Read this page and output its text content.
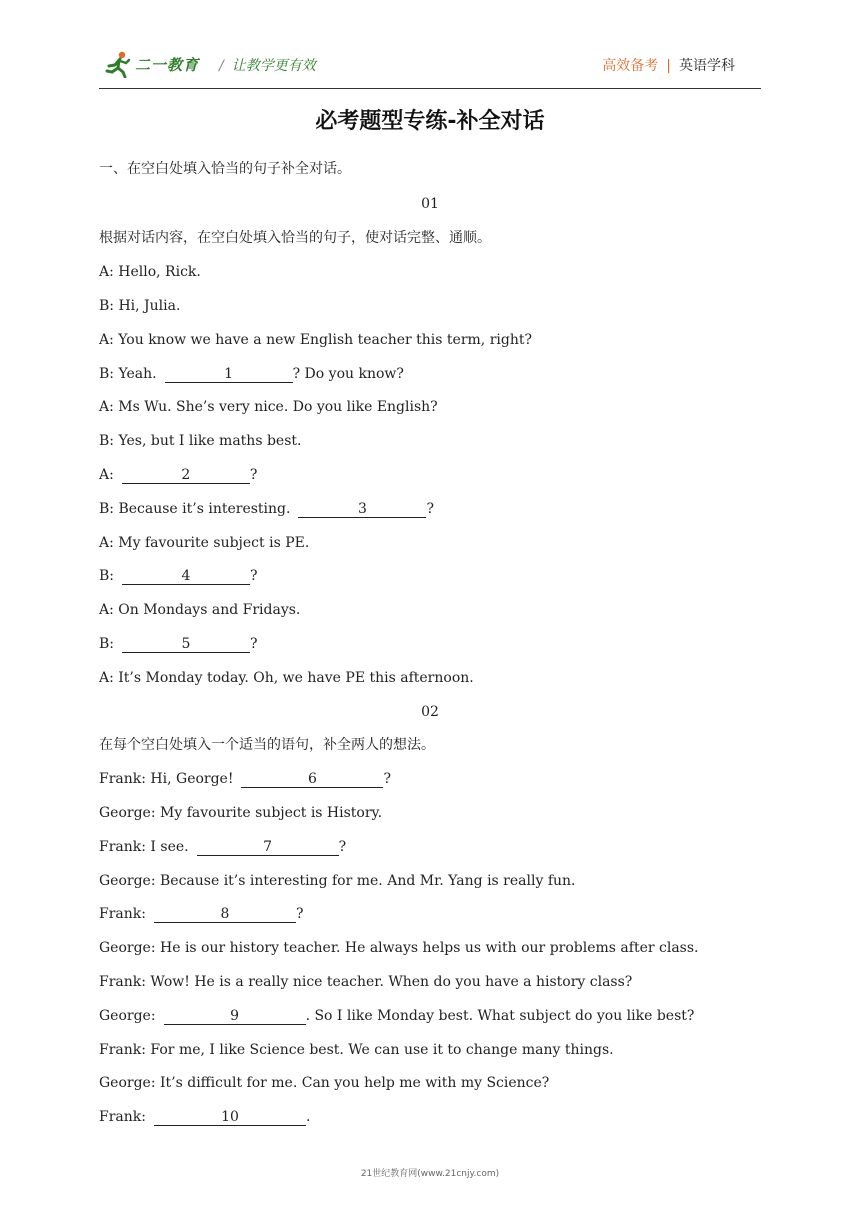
二一教育 / 让教学更有效	高效备考 | 英语学科
必考题型专练-补全对话
一、在空白处填入恰当的句子补全对话。
01
根据对话内容，在空白处填入恰当的句子，使对话完整、通顺。
A: Hello, Rick.
B: Hi, Julia.
A: You know we have a new English teacher this term, right?
B: Yeah.	1	? Do you know?
A: Ms Wu. She’s very nice. Do you like English?
B: Yes, but I like maths best.
A:	2	?
B: Because it’s interesting.	3	?
A: My favourite subject is PE.
B:	4	?
A: On Mondays and Fridays.
B:	5	?
A: It’s Monday today. Oh, we have PE this afternoon.
02
在每个空白处填入一个适当的语句，补全两人的想法。
Frank: Hi, George!	6	?
George: My favourite subject is History.
Frank: I see.	7	?
George: Because it’s interesting for me. And Mr. Yang is really fun.
Frank:	8	?
George: He is our history teacher. He always helps us with our problems after class.
Frank: Wow! He is a really nice teacher. When do you have a history class?
George:	9	. So I like Monday best. What subject do you like best?
Frank: For me, I like Science best. We can use it to change many things.
George: It’s difficult for me. Can you help me with my Science?
Frank:	10	.
21世纪教育网(www.21cnjy.com)
